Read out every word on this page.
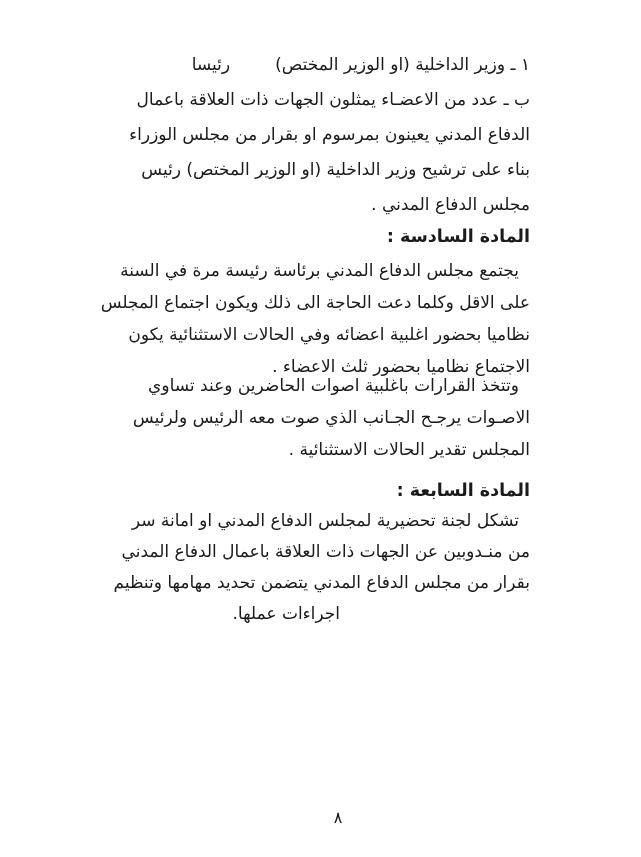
١ ـ وزير الداخلية (او الوزير المختص)
رئيسا
ب ـ عدد من الاعضـاء يمثلون الجهات ذات العلاقة باعمال
الدفاع المدني يعينون بمرسوم او بقرار من مجلس الوزراء
بناء على ترشيح وزير الداخلية (او الوزير المختص) رئيس
مجلس الدفاع المدني .
المادة السادسة :
يجتمع مجلس الدفاع المدني برئاسة رئيسة مرة في السنة
على الاقل وكلما دعت الحاجة الى ذلك ويكون اجتماع المجلس
نظاميا بحضور اغلبية اعضائه وفي الحالات الاستثنائية يكون
الاجتماع نظاميا بحضور ثلث الاعضاء .
وتتخذ القرارات باغلبية اصوات الحاضرين وعند تساوي
الاصـوات يرجـح الجـانب الذي صوت معه الرئيس ولرئيس
المجلس تقدير الحالات الاستثنائية .
المادة السابعة :
تشكل لجنة تحضيرية لمجلس الدفاع المدني او امانة سر
من منـدوبين عن الجهات ذات العلاقة باعمال الدفاع المدني
بقرار من مجلس الدفاع المدني يتضمن تحديد مهامها وتنظيم
اجراءات عملها.
٨
